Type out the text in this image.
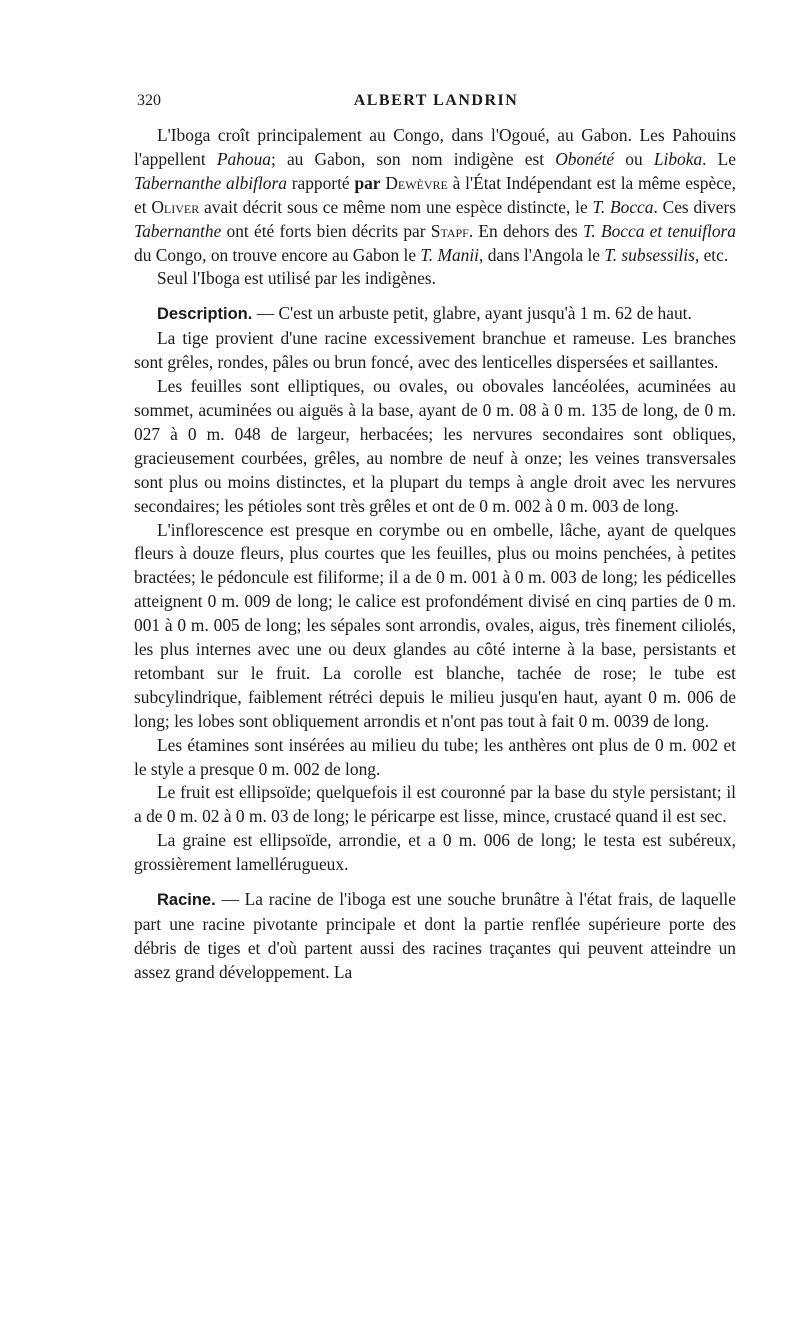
320	ALBERT LANDRIN

L'Iboga croît principalement au Congo, dans l'Ogoué, au Gabon. Les Pahouins l'appellent Pahoua; au Gabon, son nom indigène est Obonété ou Liboka. Le Tabernanthe albiflora rapporté par Dewèvre à l'État Indépendant est la même espèce, et Oliver avait décrit sous ce même nom une espèce distincte, le T. Bocca. Ces divers Tabernanthe ont été forts bien décrits par Stapf. En dehors des T. Bocca et tenuiflora du Congo, on trouve encore au Gabon le T. Manii, dans l'Angola le T. subsessilis, etc.

Seul l'Iboga est utilisé par les indigènes.

Description. — C'est un arbuste petit, glabre, ayant jusqu'à 1 m. 62 de haut.

La tige provient d'une racine excessivement branchue et rameuse. Les branches sont grêles, rondes, pâles ou brun foncé, avec des lenticelles dispersées et saillantes.

Les feuilles sont elliptiques, ou ovales, ou obovales lancéolées, acuminées au sommet, acuminées ou aiguës à la base, ayant de 0 m. 08 à 0 m. 135 de long, de 0 m. 027 à 0 m. 048 de largeur, herbacées; les nervures secondaires sont obliques, gracieusement courbées, grêles, au nombre de neuf à onze; les veines transversales sont plus ou moins distinctes, et la plupart du temps à angle droit avec les nervures secondaires; les pétioles sont très grêles et ont de 0 m. 002 à 0 m. 003 de long.

L'inflorescence est presque en corymbe ou en ombelle, lâche, ayant de quelques fleurs à douze fleurs, plus courtes que les feuilles, plus ou moins penchées, à petites bractées; le pédoncule est filiforme; il a de 0 m. 001 à 0 m. 003 de long; les pédicelles atteignent 0 m. 009 de long; le calice est profondément divisé en cinq parties de 0 m. 001 à 0 m. 005 de long; les sépales sont arrondis, ovales, aigus, très finement ciliolés, les plus internes avec une ou deux glandes au côté interne à la base, persistants et retombant sur le fruit. La corolle est blanche, tachée de rose; le tube est subcylindrique, faiblement rétréci depuis le milieu jusqu'en haut, ayant 0 m. 006 de long; les lobes sont obliquement arrondis et n'ont pas tout à fait 0 m. 0039 de long.

Les étamines sont insérées au milieu du tube; les anthères ont plus de 0 m. 002 et le style a presque 0 m. 002 de long.

Le fruit est ellipsoïde; quelquefois il est couronné par la base du style persistant; il a de 0 m. 02 à 0 m. 03 de long; le péricarpe est lisse, mince, crustacé quand il est sec.

La graine est ellipsoïde, arrondie, et a 0 m. 006 de long; le testa est subéreux, grossièrement lamellérugueux.

Racine. — La racine de l'iboga est une souche brunâtre à l'état frais, de laquelle part une racine pivotante principale et dont la partie renflée supérieure porte des débris de tiges et d'où partent aussi des racines traçantes qui peuvent atteindre un assez grand développement. La
